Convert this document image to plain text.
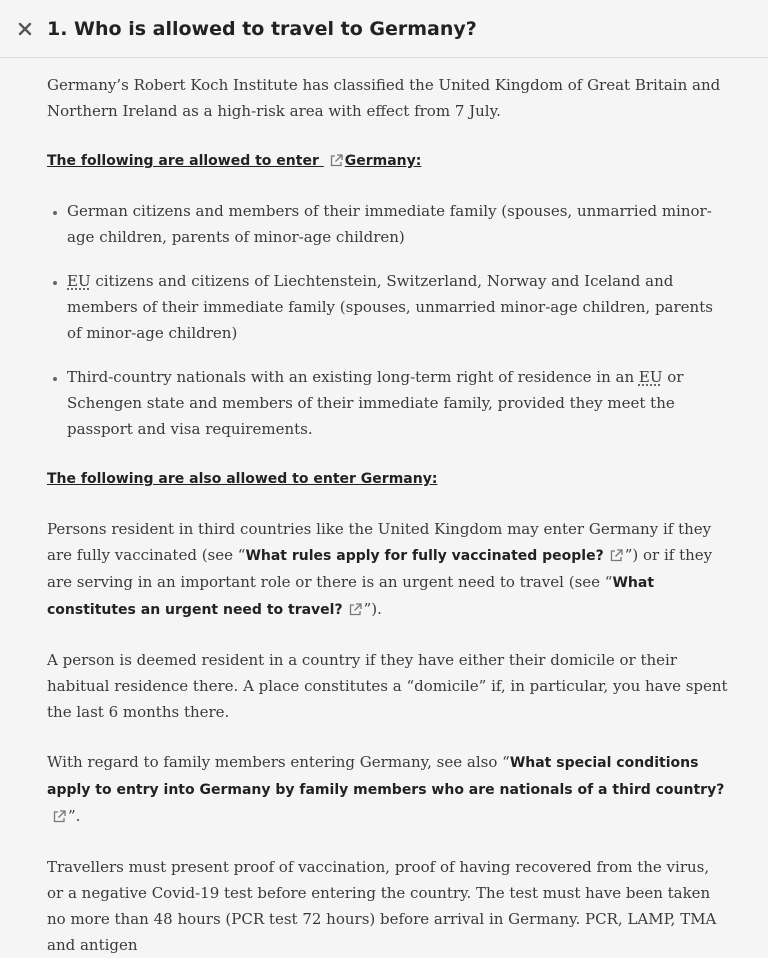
1. Who is allowed to travel to Germany?

Germany’s Robert Koch Institute has classified the United Kingdom of Great Britain and Northern Ireland as a high-risk area with effect from 7 July.

The following are allowed to enter Germany:
• German citizens and members of their immediate family (spouses, unmarried minor-age children, parents of minor-age children)
• EU citizens and citizens of Liechtenstein, Switzerland, Norway and Iceland and members of their immediate family (spouses, unmarried minor-age children, parents of minor-age children)
• Third-country nationals with an existing long-term right of residence in an EU or Schengen state and members of their immediate family, provided they meet the passport and visa requirements.
The following are also allowed to enter Germany:

Persons resident in third countries like the United Kingdom may enter Germany if they are fully vaccinated (see “What rules apply for fully vaccinated people? ”) or if they are serving in an important role or there is an urgent need to travel (see “What constitutes an urgent need to travel? ”).

A person is deemed resident in a country if they have either their domicile or their habitual residence there. A place constitutes a “domicile” if, in particular, you have spent the last 6 months there.

With regard to family members entering Germany, see also “What special conditions apply to entry into Germany by family members who are nationals of a third country?”.

Travellers must present proof of vaccination, proof of having recovered from the virus, or a negative Covid-19 test before entering the country. The test must have been taken no more than 48 hours (PCR test 72 hours) before arrival in Germany. PCR, LAMP, TMA and antigen
